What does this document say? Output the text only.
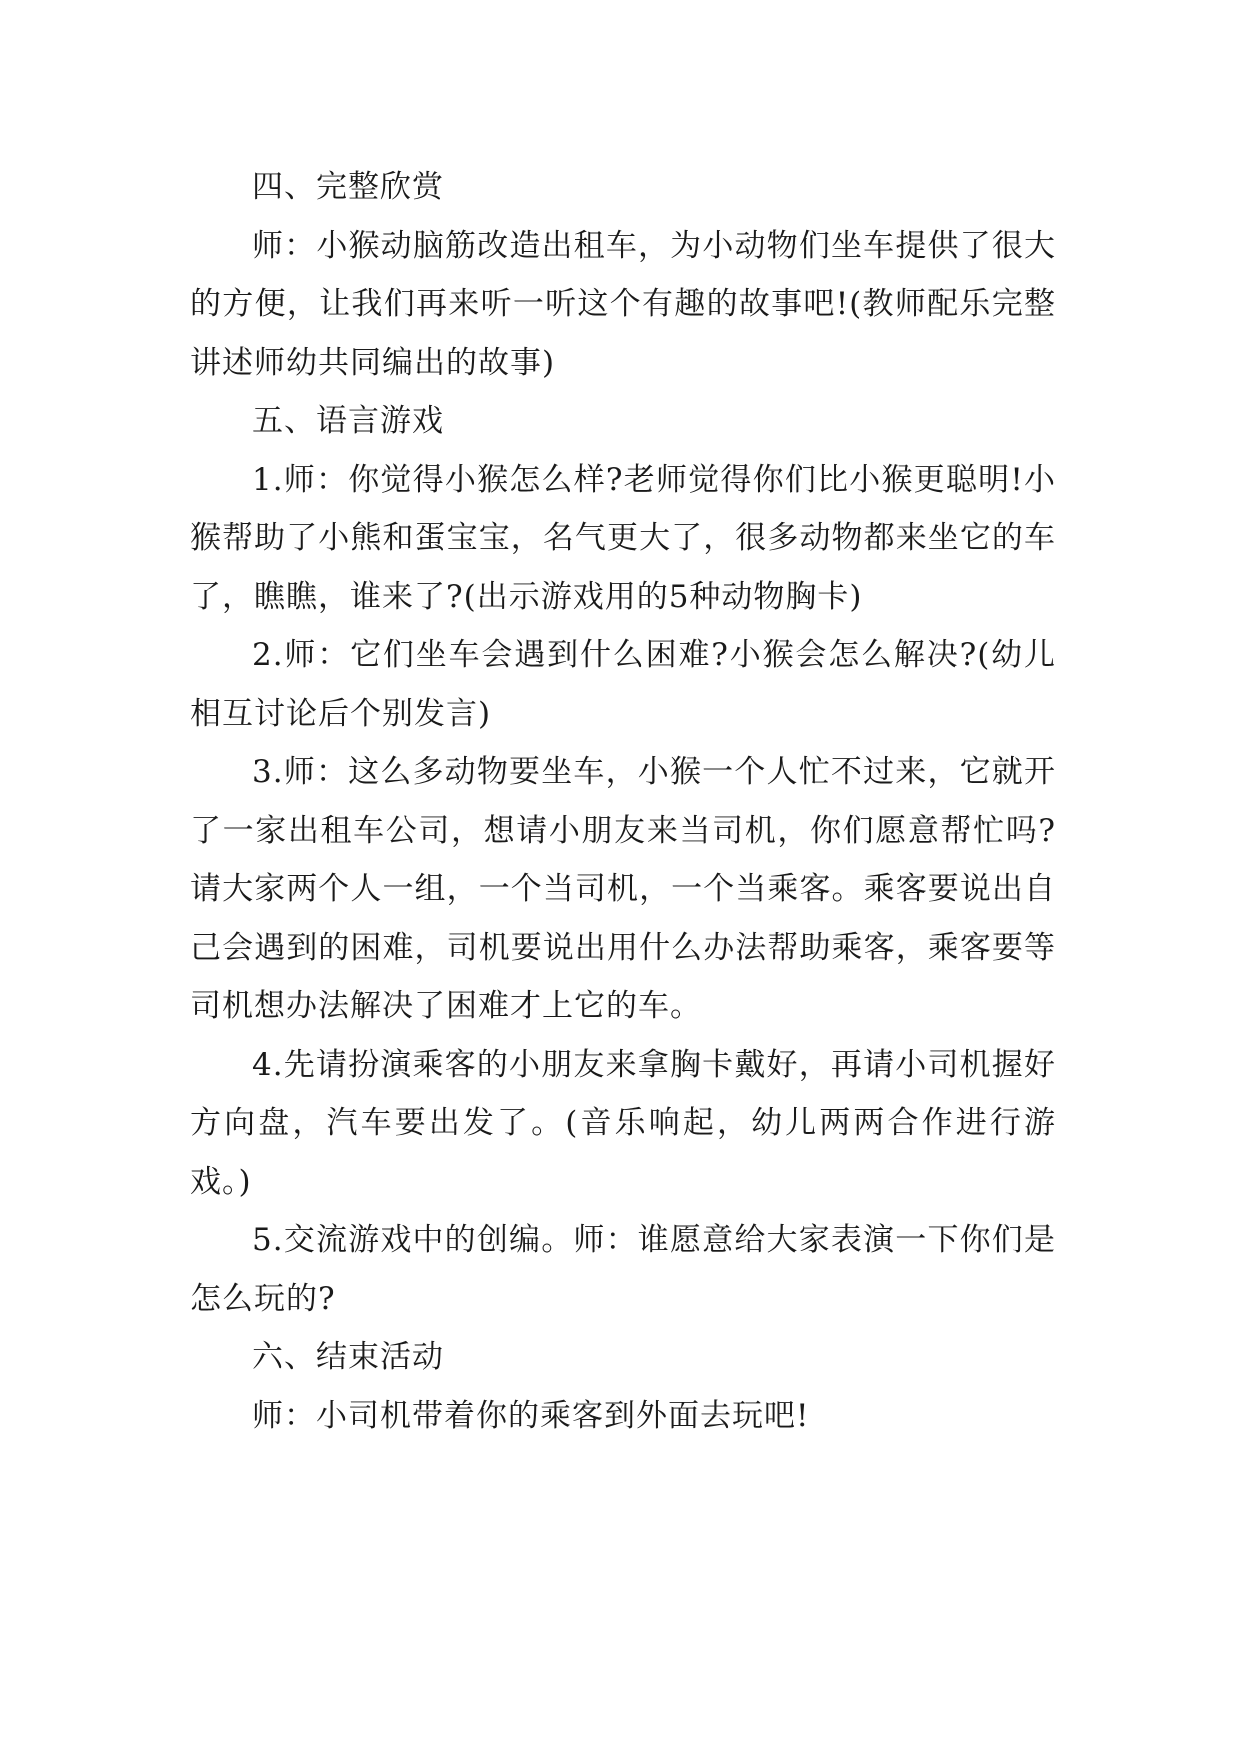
四、完整欣赏

师：小猴动脑筋改造出租车，为小动物们坐车提供了很大的方便，让我们再来听一听这个有趣的故事吧!(教师配乐完整讲述师幼共同编出的故事)

五、语言游戏

1.师：你觉得小猴怎么样?老师觉得你们比小猴更聪明!小猴帮助了小熊和蛋宝宝，名气更大了，很多动物都来坐它的车了，瞧瞧，谁来了?(出示游戏用的5种动物胸卡)

2.师：它们坐车会遇到什么困难?小猴会怎么解决?(幼儿相互讨论后个别发言)

3.师：这么多动物要坐车，小猴一个人忙不过来，它就开了一家出租车公司，想请小朋友来当司机，你们愿意帮忙吗?请大家两个人一组，一个当司机，一个当乘客。乘客要说出自己会遇到的困难，司机要说出用什么办法帮助乘客，乘客要等司机想办法解决了困难才上它的车。

4.先请扮演乘客的小朋友来拿胸卡戴好，再请小司机握好方向盘，汽车要出发了。(音乐响起，幼儿两两合作进行游戏。)

5.交流游戏中的创编。师：谁愿意给大家表演一下你们是怎么玩的?

六、结束活动

师：小司机带着你的乘客到外面去玩吧!
